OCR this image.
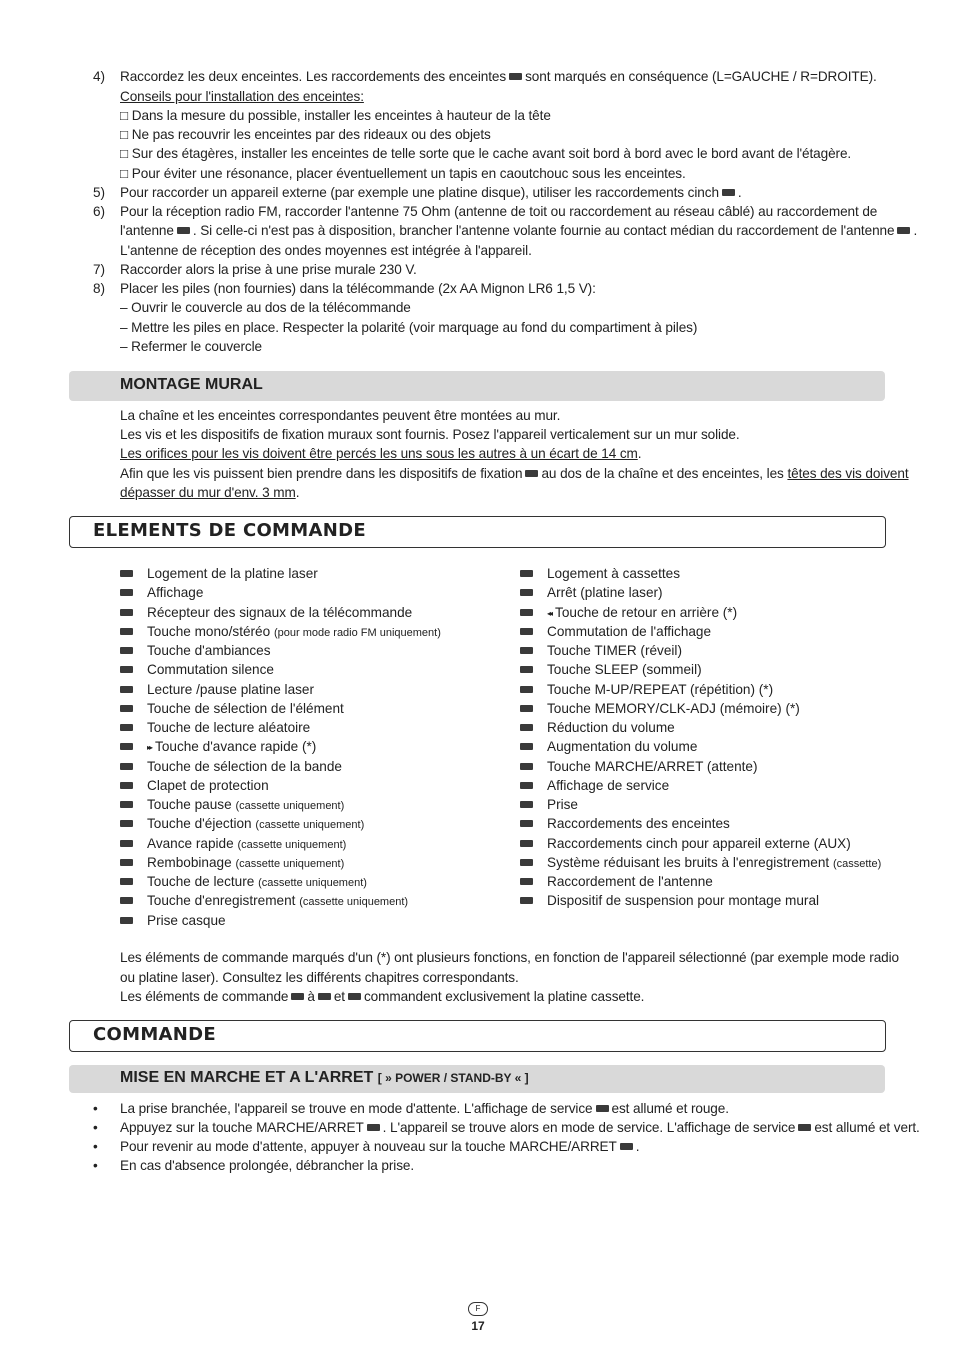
4)	Raccordez les deux enceintes. Les raccordements des enceintes sont marqués en conséquence (L=GAUCHE / R=DROITE).
Conseils pour l'installation des enceintes:
□ Dans la mesure du possible, installer les enceintes à hauteur de la tête
□ Ne pas recouvrir les enceintes par des rideaux ou des objets
□ Sur des étagères, installer les enceintes de telle sorte que le cache avant soit bord à bord avec le bord avant de l'étagère.
□ Pour éviter une résonance, placer éventuellement un tapis en caoutchouc sous les enceintes.
5)	Pour raccorder un appareil externe (par exemple une platine disque), utiliser les raccordements cinch .
6)	Pour la réception radio FM, raccorder l'antenne 75 Ohm (antenne de toit ou raccordement au réseau câblé) au raccordement de
l'antenne . Si celle-ci n'est pas à disposition, brancher l'antenne volante fournie au contact médian du raccordement de l'antenne .
L'antenne de réception des ondes moyennes est intégrée à l'appareil.
7)	Raccorder alors la prise à une prise murale 230 V.
8)	Placer les piles (non fournies) dans la télécommande (2x AA Mignon LR6 1,5 V):
– Ouvrir le couvercle au dos de la télécommande
– Mettre les piles en place. Respecter la polarité (voir marquage au fond du compartiment à piles)
– Refermer le couvercle
MONTAGE MURAL
La chaîne et les enceintes correspondantes peuvent être montées au mur.
Les vis et les dispositifs de fixation muraux sont fournis. Posez l'appareil verticalement sur un mur solide.
Les orifices pour les vis doivent être percés les uns sous les autres à un écart de 14 cm.
Afin que les vis puissent bien prendre dans les dispositifs de fixation au dos de la chaîne et des enceintes, les têtes des vis doivent
dépasser du mur d'env. 3 mm.
ELEMENTS DE COMMANDE
Logement de la platine laser
Affichage
Récepteur des signaux de la télécommande
Touche mono/stéréo (pour mode radio FM uniquement)
Touche d'ambiances
Commutation silence
Lecture /pause platine laser
Touche de sélection de l'élément
Touche de lecture aléatoire
▸▸ Touche d'avance rapide (*)
Touche de sélection de la bande
Clapet de protection
Touche pause (cassette uniquement)
Touche d'éjection (cassette uniquement)
Avance rapide (cassette uniquement)
Rembobinage (cassette uniquement)
Touche de lecture (cassette uniquement)
Touche d'enregistrement (cassette uniquement)
Prise casque
Logement à cassettes
Arrêt (platine laser)
◂◂ Touche de retour en arrière (*)
Commutation de l'affichage
Touche TIMER (réveil)
Touche SLEEP (sommeil)
Touche M-UP/REPEAT (répétition) (*)
Touche MEMORY/CLK-ADJ (mémoire) (*)
Réduction du volume
Augmentation du volume
Touche MARCHE/ARRET (attente)
Affichage de service
Prise
Raccordements des enceintes
Raccordements cinch pour appareil externe (AUX)
Système réduisant les bruits à l'enregistrement (cassette)
Raccordement de l'antenne
Dispositif de suspension pour montage mural
Les éléments de commande marqués d'un (*) ont plusieurs fonctions, en fonction de l'appareil sélectionné (par exemple mode radio
ou platine laser). Consultez les différents chapitres correspondants.
Les éléments de commande à et commandent exclusivement la platine cassette.
COMMANDE
MISE EN MARCHE ET A L'ARRET [ » POWER / STAND-BY « ]
• La prise branchée, l'appareil se trouve en mode d'attente. L'affichage de service est allumé et rouge.
• Appuyez sur la touche MARCHE/ARRET . L'appareil se trouve alors en mode de service. L'affichage de service est allumé et vert.
• Pour revenir au mode d'attente, appuyer à nouveau sur la touche MARCHE/ARRET .
• En cas d'absence prolongée, débrancher la prise.
F
17
